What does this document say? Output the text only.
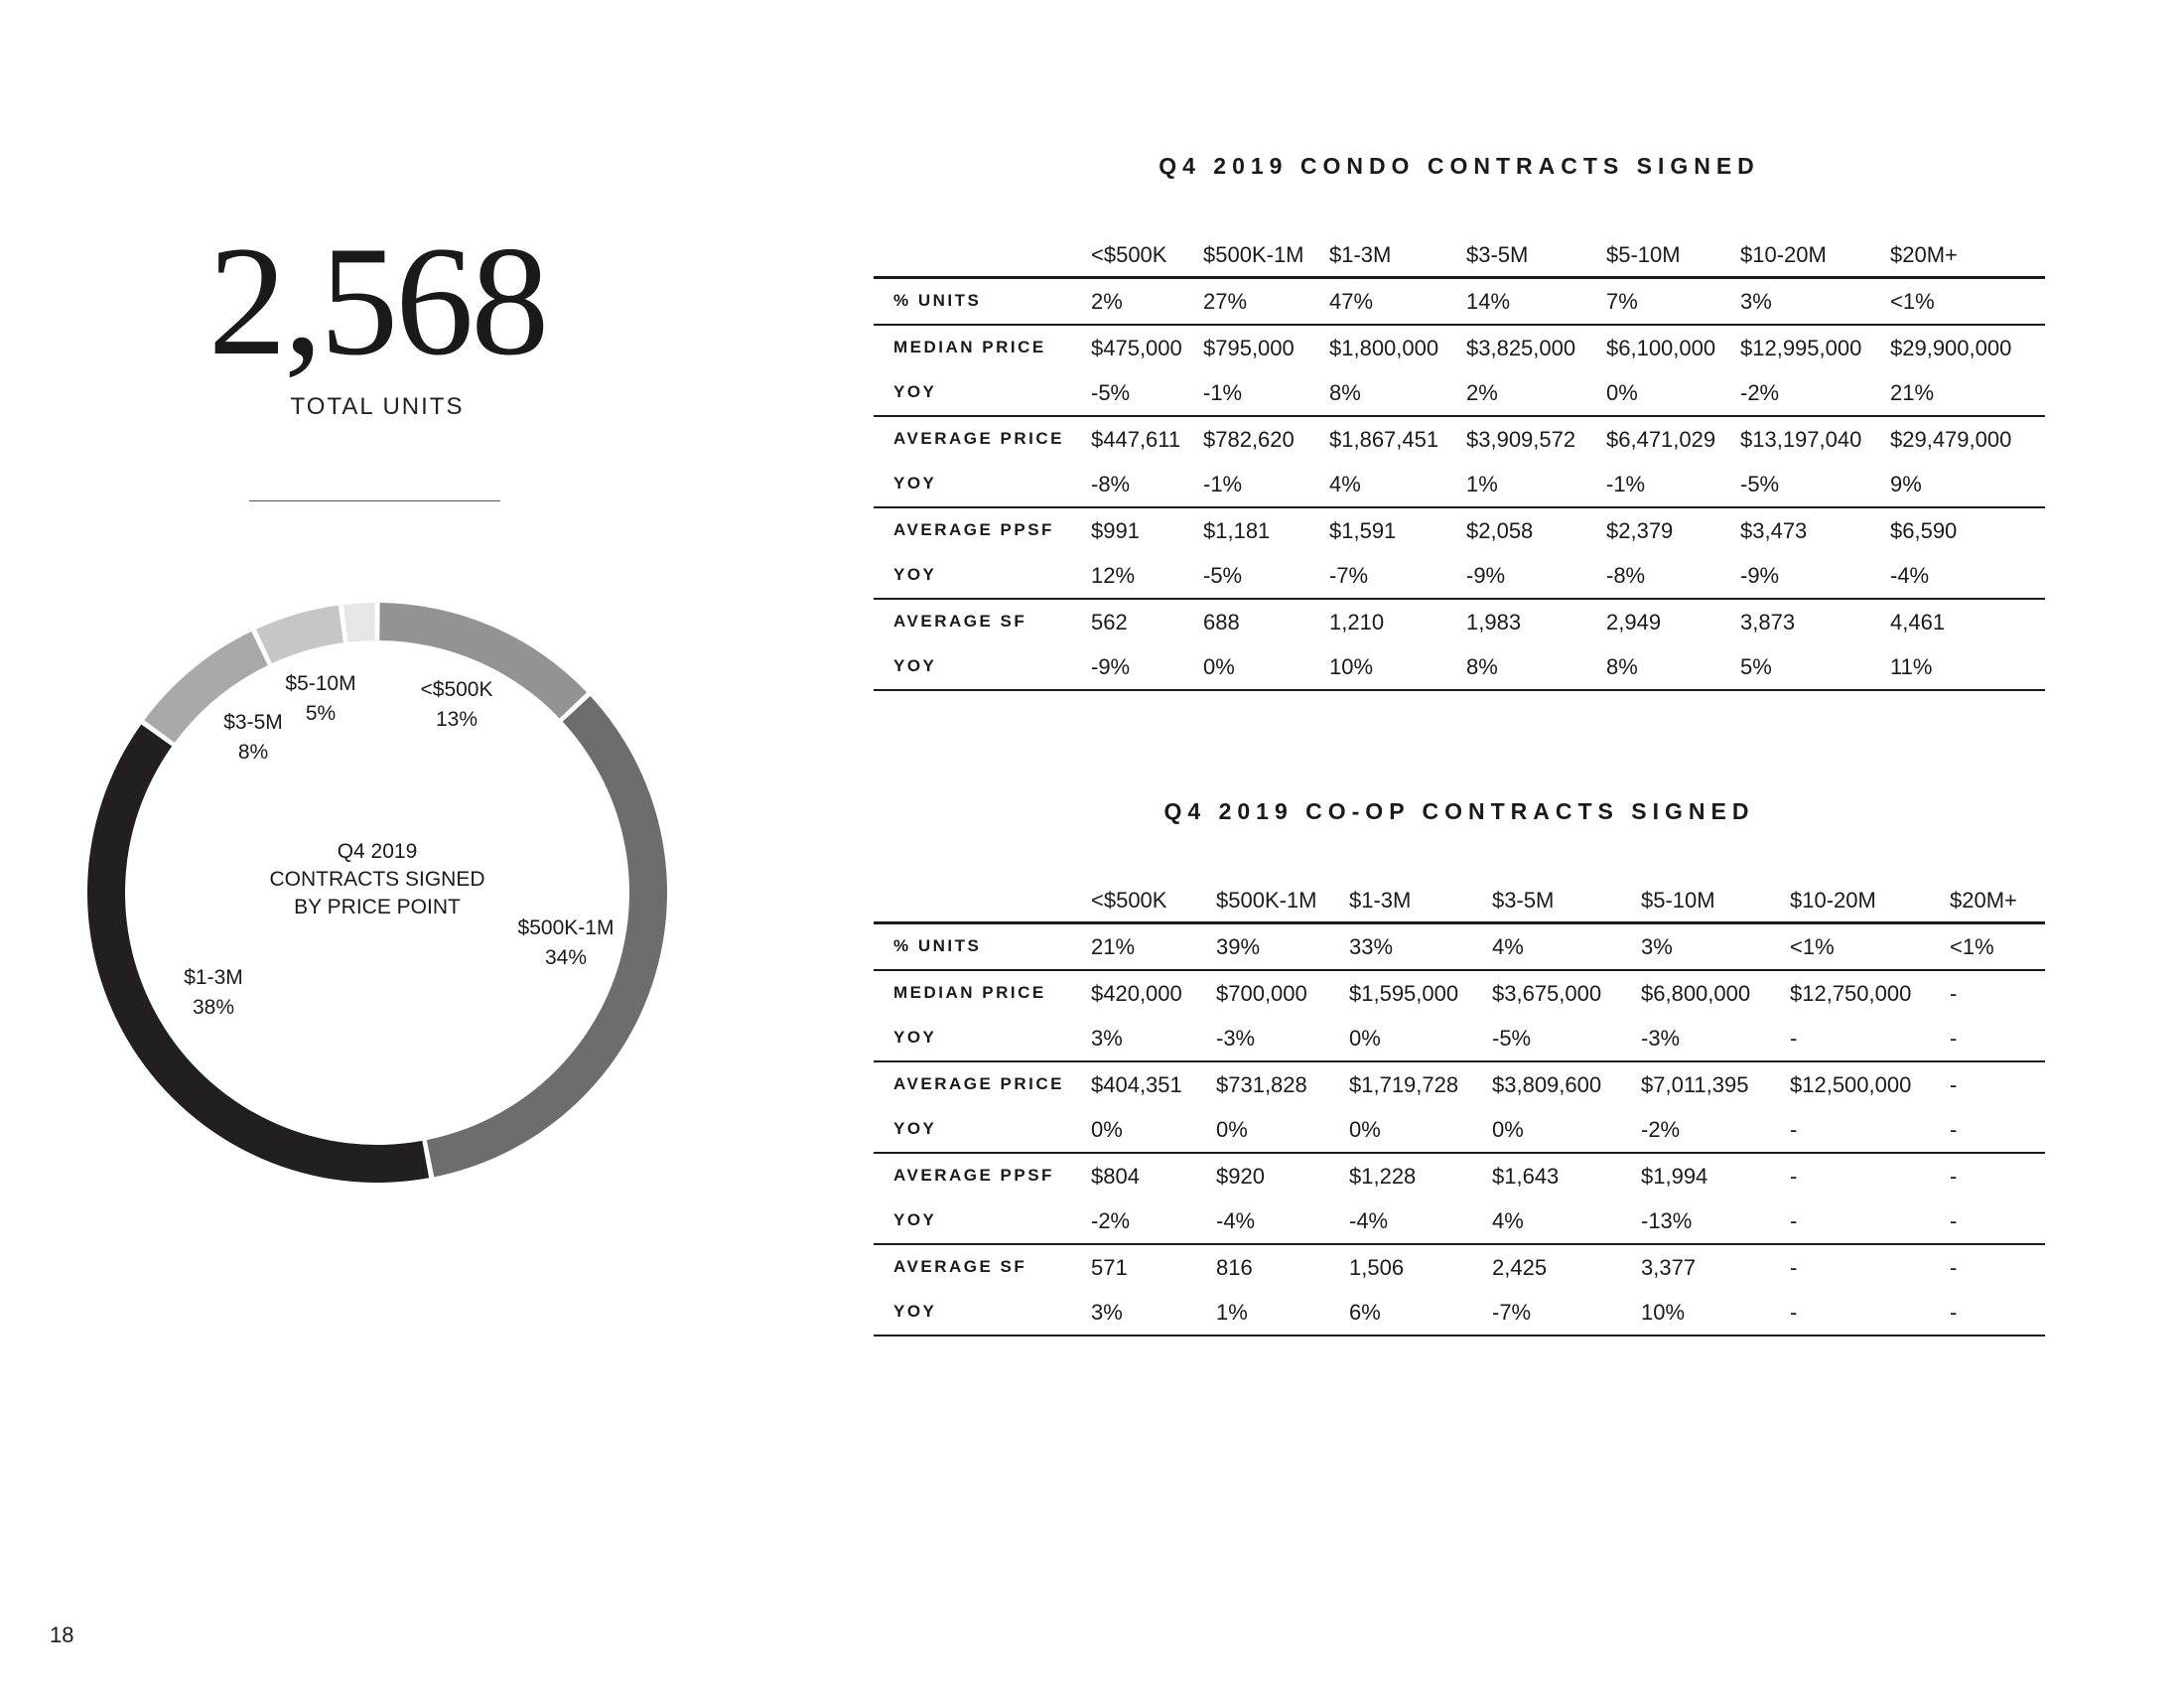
2,568
TOTAL UNITS
<$500K
13%
$500K-1M
34%
$1-3M
38%
$3-5M
8%
$5-10M
5%
Q4 2019
CONTRACTS SIGNED
BY PRICE POINT
Q4 2019 CONDO CONTRACTS SIGNED
<$500K $500K-1M $1-3M	$3-5M	$5-10M	$10-20M	$20M+
% UNITS	2%	27%	47%	14%	7%	3%	<1%
MEDIAN PRICE $475,000 $795,000 $1,800,000 $3,825,000 $6,100,000 $12,995,000 $29,900,000
YOY	-5%	-1%	8%	2%	0%	-2%	21%
AVERAGE PRICE $447,611 $782,620 $1,867,451 $3,909,572 $6,471,029 $13,197,040 $29,479,000
YOY	-8%	-1%	4%	1%	-1%	-5%	9%
AVERAGE PPSF $991	$1,181	$1,591	$2,058	$2,379	$3,473	$6,590
YOY	12%	-5%	-7%	-9%	-8%	-9%	-4%
AVERAGE SF	562	688	1,210	1,983	2,949	3,873	4,461
YOY	-9%	0%	10%	8%	8%	5%	11%
Q4 2019 CO-OP CONTRACTS SIGNED
<$500K $500K-1M $1-3M	$3-5M	$5-10M	$10-20M	$20M+
% UNITS	21%	39%	33%	4%	3%	<1%	<1%
MEDIAN PRICE $420,000 $700,000 $1,595,000 $3,675,000 $6,800,000 $12,750,000 -
YOY	3%	-3%	0%	-5%	-3%	-	-
AVERAGE PRICE $404,351 $731,828 $1,719,728 $3,809,600 $7,011,395 $12,500,000 -
YOY	0%	0%	0%	0%	-2%	-	-
AVERAGE PPSF $804	$920	$1,228	$1,643	$1,994	-	-
YOY	-2%	-4%	-4%	4%	-13%	-	-
AVERAGE SF	571	816	1,506	2,425	3,377	-	-
YOY	3%	1%	6%	-7%	10%	-	-
18
